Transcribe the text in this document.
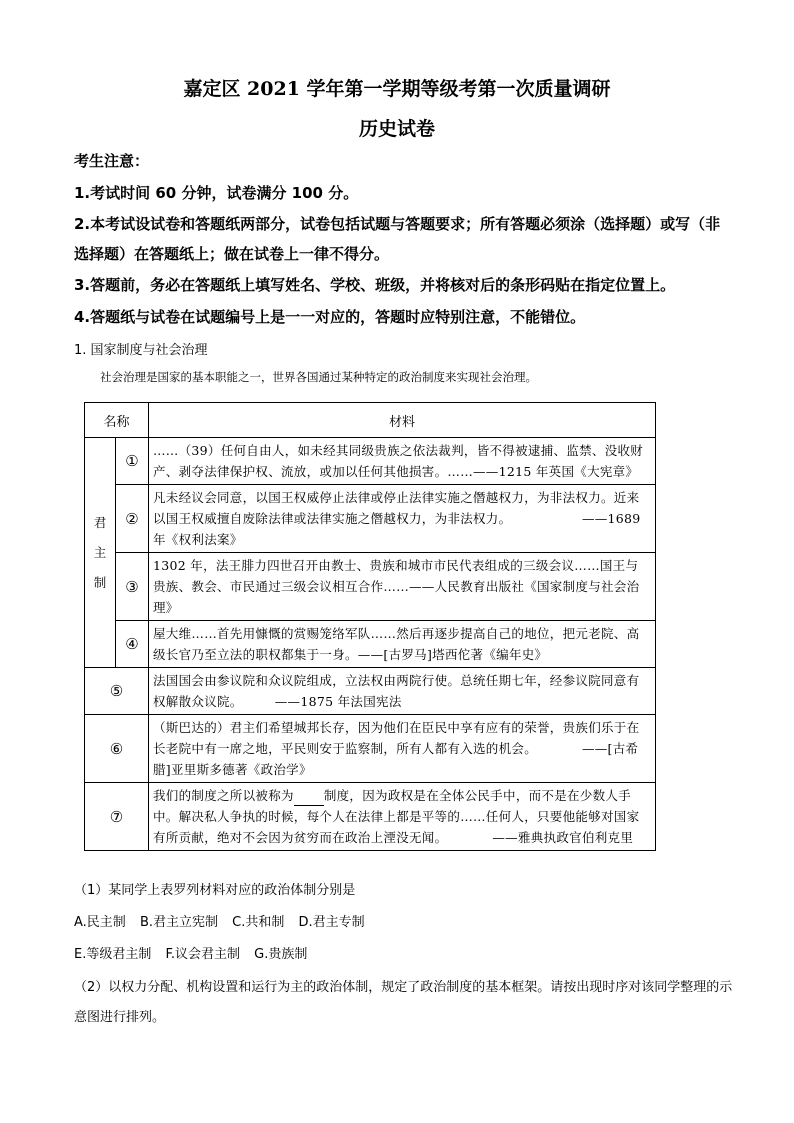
嘉定区 2021 学年第一学期等级考第一次质量调研
历史试卷
考生注意：
1.考试时间 60 分钟，试卷满分 100 分。
2.本考试设试卷和答题纸两部分，试卷包括试题与答题要求；所有答题必须涂（选择题）或写（非选择题）在答题纸上；做在试卷上一律不得分。
3.答题前，务必在答题纸上填写姓名、学校、班级，并将核对后的条形码贴在指定位置上。
4.答题纸与试卷在试题编号上是一一对应的，答题时应特别注意，不能错位。
1. 国家制度与社会治理
社会治理是国家的基本职能之一，世界各国通过某种特定的政治制度来实现社会治理。
名称		材料
君
主
制	①	……（39）任何自由人，如未经其同级贵族之依法裁判，皆不得被逮捕、监禁、没收财产、剥夺法律保护权、流放，或加以任何其他损害。……——1215 年英国《大宪章》
	②	凡未经议会同意，以国王权威停止法律或停止法律实施之僭越权力，为非法权力。近来以国王权威擅自废除法律或法律实施之僭越权力，为非法权力。　　　　　　——1689 年《权利法案》
	③	1302 年，法王腓力四世召开由教士、贵族和城市市民代表组成的三级会议……国王与贵族、教会、市民通过三级会议相互合作……——人民教育出版社《国家制度与社会治理》
	④	屋大维……首先用慷慨的赏赐笼络军队……然后再逐步提高自己的地位，把元老院、高级长官乃至立法的职权都集于一身。——[古罗马]塔西佗著《编年史》
⑤		法国国会由参议院和众议院组成，立法权由两院行使。总统任期七年，经参议院同意有权解散众议院。　　　——1875 年法国宪法
⑥		（斯巴达的）君主们希望城邦长存，因为他们在臣民中享有应有的荣誉，贵族们乐于在长老院中有一席之地，平民则安于监察制，所有人都有入选的机会。　　　　——[古希腊]亚里斯多德著《政治学》
⑦		我们的制度之所以被称为 制度，因为政权是在全体公民手中，而不是在少数人手中。解决私人争执的时候，每个人在法律上都是平等的……任何人，只要他能够对国家有所贡献，绝对不会因为贫穷而在政治上湮没无闻。　　　　——雅典执政官伯利克里
（1）某同学上表罗列材料对应的政治体制分别是
A.民主制 B.君主立宪制 C.共和制 D.君主专制
E.等级君主制 F.议会君主制 G.贵族制
（2）以权力分配、机构设置和运行为主的政治体制，规定了政治制度的基本框架。请按出现时序对该同学整理的示意图进行排列。
